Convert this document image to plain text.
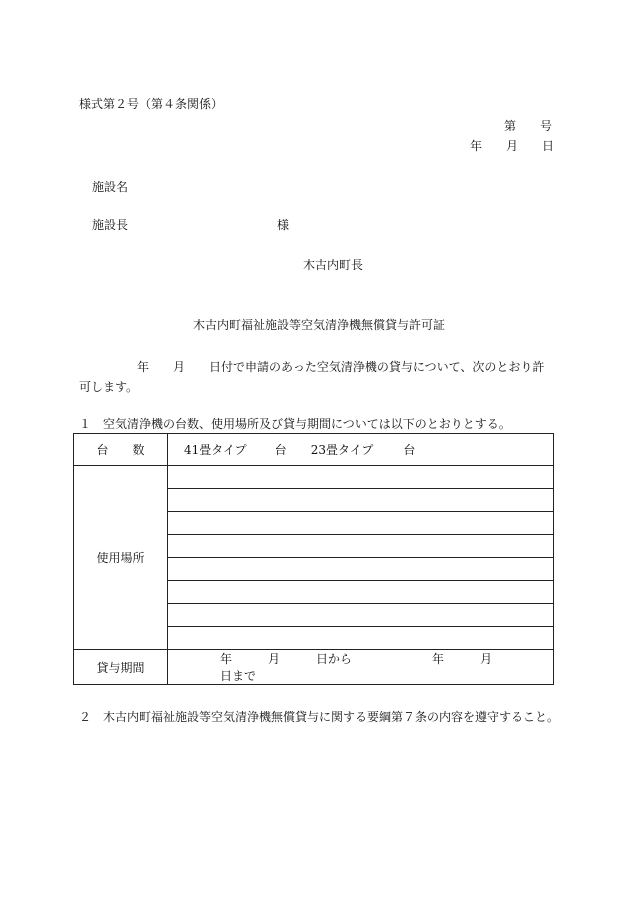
様式第２号（第４条関係）
第　　号
年　　月　　日
施設名
施設長	様
木古内町長
木古内町福祉施設等空気清浄機無償貸与許可証
年　　月　　日付で申請のあった空気清浄機の貸与について、次のとおり許可します。
１　空気清浄機の台数、使用場所及び貸与期間については以下のとおりとする。
台　　数	41畳タイプ 台 23畳タイプ 台
使用場所	

貸与期間	年 月 日から 年 月日まで
２　木古内町福祉施設等空気清浄機無償貸与に関する要綱第７条の内容を遵守すること。
